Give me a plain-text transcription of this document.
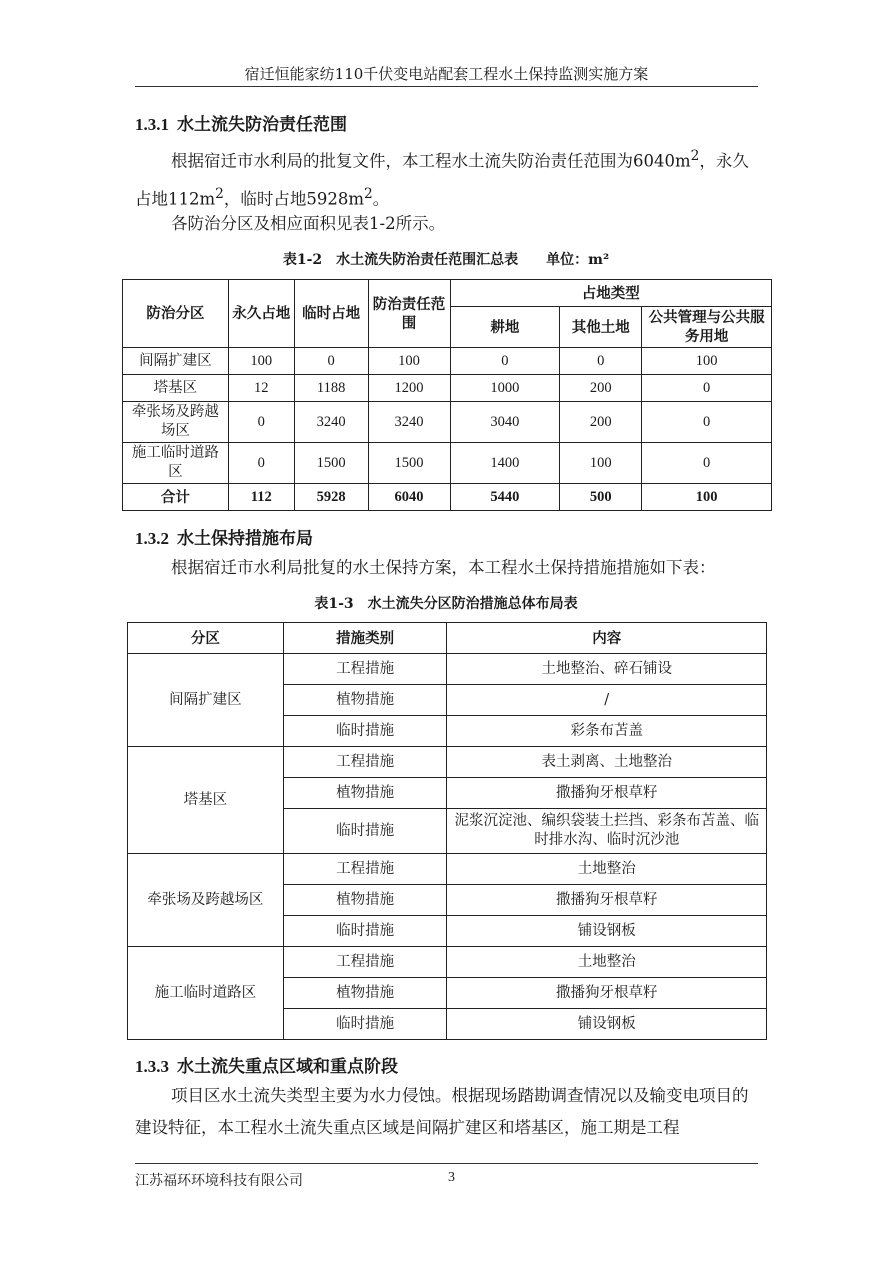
宿迁恒能家纺110千伏变电站配套工程水土保持监测实施方案
1.3.1 水土流失防治责任范围
根据宿迁市水利局的批复文件，本工程水土流失防治责任范围为$6040m^2$，永久占地$112m^2$，临时占地$5928m^2$。
各防治分区及相应面积见表1-2所示。
表1-2　水土流失防治责任范围汇总表　　单位：m²
防治分区	永久占地	临时占地	防治责任范围	占地类型		
				耕地	其他土地	公共管理与公共服务用地
间隔扩建区	100	0	100	0	0	100
塔基区	12	1188	1200	1000	200	0
牵张场及跨越场区	0	3240	3240	3040	200	0
施工临时道路区	0	1500	1500	1400	100	0
合计	112	5928	6040	5440	500	100
1.3.2 水土保持措施布局
根据宿迁市水利局批复的水土保持方案，本工程水土保持措施措施如下表：
表1-3　水土流失分区防治措施总体布局表
分区	措施类别	内容
间隔扩建区	工程措施	土地整治、碎石铺设
	植物措施	/
	临时措施	彩条布苫盖
塔基区	工程措施	表土剥离、土地整治
	植物措施	撒播狗牙根草籽
	临时措施	泥浆沉淀池、编织袋装土拦挡、彩条布苫盖、临时排水沟、临时沉沙池
牵张场及跨越场区	工程措施	土地整治
	植物措施	撒播狗牙根草籽
	临时措施	铺设钢板
施工临时道路区	工程措施	土地整治
	植物措施	撒播狗牙根草籽
	临时措施	铺设钢板
1.3.3 水土流失重点区域和重点阶段
项目区水土流失类型主要为水力侵蚀。根据现场踏勘调查情况以及输变电项目的建设特征，本工程水土流失重点区域是间隔扩建区和塔基区，施工期是工程
江苏福环环境科技有限公司	3
